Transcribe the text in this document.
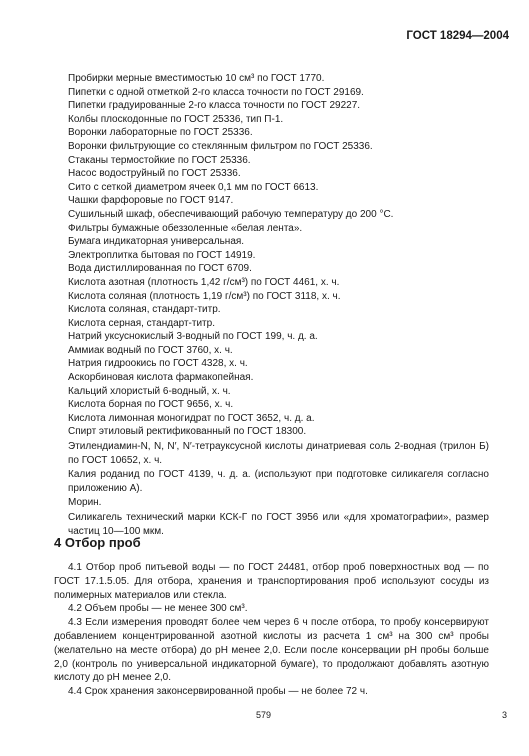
ГОСТ 18294—2004
Пробирки мерные вместимостью 10 см³ по ГОСТ 1770.
Пипетки с одной отметкой 2-го класса точности по ГОСТ 29169.
Пипетки градуированные 2-го класса точности по ГОСТ 29227.
Колбы плоскодонные по ГОСТ 25336, тип П-1.
Воронки лабораторные по ГОСТ 25336.
Воронки фильтрующие со стеклянным фильтром по ГОСТ 25336.
Стаканы термостойкие по ГОСТ 25336.
Насос водоструйный по ГОСТ 25336.
Сито с сеткой диаметром ячеек 0,1 мм по ГОСТ 6613.
Чашки фарфоровые по ГОСТ 9147.
Сушильный шкаф, обеспечивающий рабочую температуру до 200 °С.
Фильтры бумажные обеззоленные «белая лента».
Бумага индикаторная универсальная.
Электроплитка бытовая по ГОСТ 14919.
Вода дистиллированная по ГОСТ 6709.
Кислота азотная (плотность 1,42 г/см³) по ГОСТ 4461, х. ч.
Кислота соляная (плотность 1,19 г/см³) по ГОСТ 3118, х. ч.
Кислота соляная, стандарт-титр.
Кислота серная, стандарт-титр.
Натрий уксуснокислый 3-водный по ГОСТ 199, ч. д. а.
Аммиак водный по ГОСТ 3760, х. ч.
Натрия гидроокись по ГОСТ 4328, х. ч.
Аскорбиновая кислота фармакопейная.
Кальций хлористый 6-водный, х. ч.
Кислота борная по ГОСТ 9656, х. ч.
Кислота лимонная моногидрат по ГОСТ 3652, ч. д. а.
Спирт этиловый ректификованный по ГОСТ 18300.
Этилендиамин-N, N, N′, N′-тетрауксусной кислоты динатриевая соль 2-водная (трилон Б) по ГОСТ 10652, х. ч.
Калия роданид по ГОСТ 4139, ч. д. а. (используют при подготовке силикагеля согласно приложению А).
Морин.
Силикагель технический марки КСК-Г по ГОСТ 3956 или «для хроматографии», размер частиц 10—100 мкм.
4 Отбор проб

4.1 Отбор проб питьевой воды — по ГОСТ 24481, отбор проб поверхностных вод — по ГОСТ 17.1.5.05. Для отбора, хранения и транспортирования проб используют сосуды из полимерных материалов или стекла.

4.2 Объем пробы — не менее 300 см³.

4.3 Если измерения проводят более чем через 6 ч после отбора, то пробу консервируют добавлением концентрированной азотной кислоты из расчета 1 см³ на 300 см³ пробы (желательно на месте отбора) до pH менее 2,0. Если после консервации pH пробы больше 2,0 (контроль по универсальной индикаторной бумаге), то продолжают добавлять азотную кислоту до pH менее 2,0.

4.4 Срок хранения законсервированной пробы — не более 72 ч.

579	3
